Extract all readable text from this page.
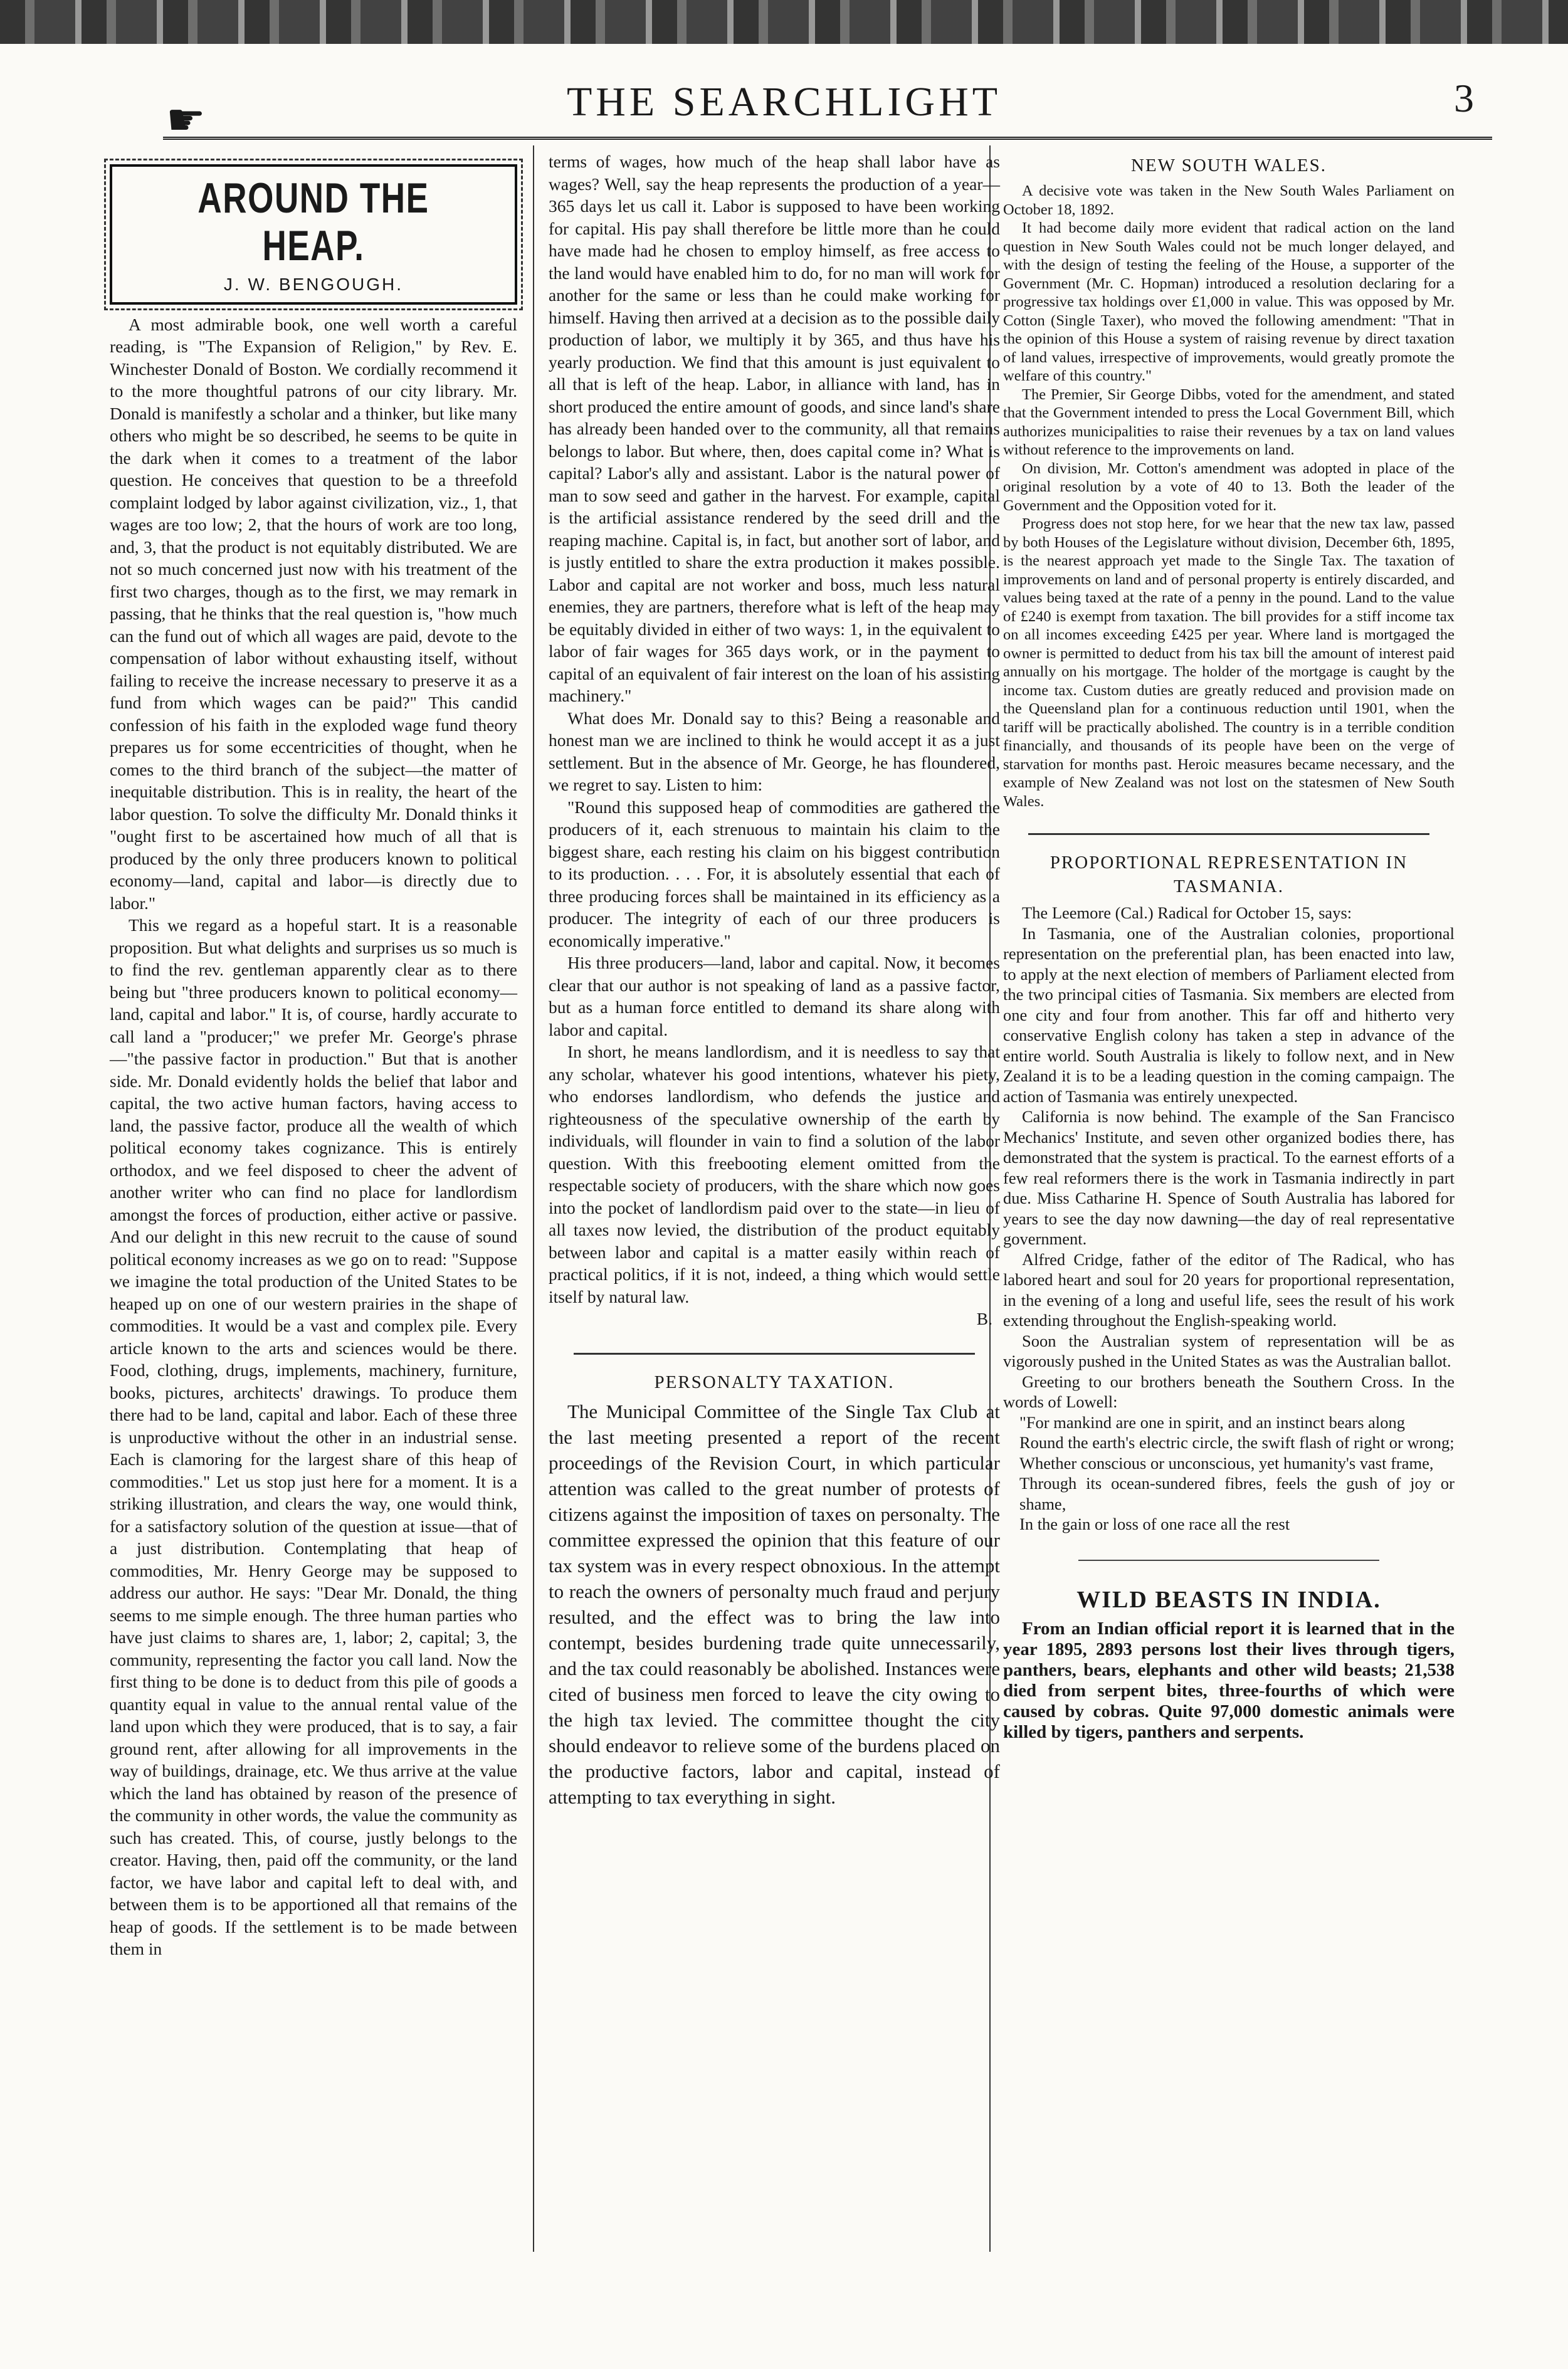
☛	THE SEARCHLIGHT	3
AROUND THE HEAP.
J. W. BENGOUGH.

A most admirable book, one well worth a careful reading, is "The Expansion of Religion," by Rev. E. Winchester Donald of Boston. We cordially recommend it to the more thoughtful patrons of our city library. Mr. Donald is manifestly a scholar and a thinker, but like many others who might be so described, he seems to be quite in the dark when it comes to a treatment of the labor question. He conceives that question to be a threefold complaint lodged by labor against civilization, viz., 1, that wages are too low; 2, that the hours of work are too long, and, 3, that the product is not equitably distributed. We are not so much concerned just now with his treatment of the first two charges, though as to the first, we may remark in passing, that he thinks that the real question is, "how much can the fund out of which all wages are paid, devote to the compensation of labor without exhausting itself, without failing to receive the increase necessary to preserve it as a fund from which wages can be paid?" This candid confession of his faith in the exploded wage fund theory prepares us for some eccentricities of thought, when he comes to the third branch of the subject—the matter of inequitable distribution. This is in reality, the heart of the labor question. To solve the difficulty Mr. Donald thinks it "ought first to be ascertained how much of all that is produced by the only three producers known to political economy—land, capital and labor—is directly due to labor."

This we regard as a hopeful start. It is a reasonable proposition. But what delights and surprises us so much is to find the rev. gentleman apparently clear as to there being but "three producers known to political economy—land, capital and labor." It is, of course, hardly accurate to call land a "producer;" we prefer Mr. George's phrase—"the passive factor in production." But that is another side. Mr. Donald evidently holds the belief that labor and capital, the two active human factors, having access to land, the passive factor, produce all the wealth of which political economy takes cognizance. This is entirely orthodox, and we feel disposed to cheer the advent of another writer who can find no place for landlordism amongst the forces of production, either active or passive. And our delight in this new recruit to the cause of sound political economy increases as we go on to read: "Suppose we imagine the total production of the United States to be heaped up on one of our western prairies in the shape of commodities. It would be a vast and complex pile. Every article known to the arts and sciences would be there. Food, clothing, drugs, implements, machinery, furniture, books, pictures, architects' drawings. To produce them there had to be land, capital and labor. Each of these three is unproductive without the other in an industrial sense. Each is clamoring for the largest share of this heap of commodities." Let us stop just here for a moment. It is a striking illustration, and clears the way, one would think, for a satisfactory solution of the question at issue—that of a just distribution. Contemplating that heap of commodities, Mr. Henry George may be supposed to address our author. He says: "Dear Mr. Donald, the thing seems to me simple enough. The three human parties who have just claims to shares are, 1, labor; 2, capital; 3, the community, representing the factor you call land. Now the first thing to be done is to deduct from this pile of goods a quantity equal in value to the annual rental value of the land upon which they were produced, that is to say, a fair ground rent, after allowing for all improvements in the way of buildings, drainage, etc. We thus arrive at the value which the land has obtained by reason of the presence of the community in other words, the value the community as such has created. This, of course, justly belongs to the creator. Having, then, paid off the community, or the land factor, we have labor and capital left to deal with, and between them is to be apportioned all that remains of the heap of goods. If the settlement is to be made between them in

terms of wages, how much of the heap shall labor have as wages? Well, say the heap represents the production of a year—365 days let us call it. Labor is supposed to have been working for capital. His pay shall therefore be little more than he could have made had he chosen to employ himself, as free access to the land would have enabled him to do, for no man will work for another for the same or less than he could make working for himself. Having then arrived at a decision as to the possible daily production of labor, we multiply it by 365, and thus have his yearly production. We find that this amount is just equivalent to all that is left of the heap. Labor, in alliance with land, has in short produced the entire amount of goods, and since land's share has already been handed over to the community, all that remains belongs to labor. But where, then, does capital come in? What is capital? Labor's ally and assistant. Labor is the natural power of man to sow seed and gather in the harvest. For example, capital is the artificial assistance rendered by the seed drill and the reaping machine. Capital is, in fact, but another sort of labor, and is justly entitled to share the extra production it makes possible. Labor and capital are not worker and boss, much less natural enemies, they are partners, therefore what is left of the heap may be equitably divided in either of two ways: 1, in the equivalent to labor of fair wages for 365 days work, or in the payment to capital of an equivalent of fair interest on the loan of his assisting machinery."

What does Mr. Donald say to this? Being a reasonable and honest man we are inclined to think he would accept it as a just settlement. But in the absence of Mr. George, he has floundered, we regret to say. Listen to him:

"Round this supposed heap of commodities are gathered the producers of it, each strenuous to maintain his claim to the biggest share, each resting his claim on his biggest contribution to its production. . . . For, it is absolutely essential that each of three producing forces shall be maintained in its efficiency as a producer. The integrity of each of our three producers is economically imperative."

His three producers—land, labor and capital. Now, it becomes clear that our author is not speaking of land as a passive factor, but as a human force entitled to demand its share along with labor and capital.

In short, he means landlordism, and it is needless to say that any scholar, whatever his good intentions, whatever his piety, who endorses landlordism, who defends the justice and righteousness of the speculative ownership of the earth by individuals, will flounder in vain to find a solution of the labor question. With this freebooting element omitted from the respectable society of producers, with the share which now goes into the pocket of landlordism paid over to the state—in lieu of all taxes now levied, the distribution of the product equitably between labor and capital is a matter easily within reach of practical politics, if it is not, indeed, a thing which would settle itself by natural law.

B.
PERSONALTY TAXATION.

The Municipal Committee of the Single Tax Club at the last meeting presented a report of the recent proceedings of the Revision Court, in which particular attention was called to the great number of protests of citizens against the imposition of taxes on personalty. The committee expressed the opinion that this feature of our tax system was in every respect obnoxious. In the attempt to reach the owners of personalty much fraud and perjury resulted, and the effect was to bring the law into contempt, besides burdening trade quite unnecessarily, and the tax could reasonably be abolished. Instances were cited of business men forced to leave the city owing to the high tax levied. The committee thought the city should endeavor to relieve some of the burdens placed on the productive factors, labor and capital, instead of attempting to tax everything in sight.

NEW SOUTH WALES.

A decisive vote was taken in the New South Wales Parliament on October 18, 1892.

It had become daily more evident that radical action on the land question in New South Wales could not be much longer delayed, and with the design of testing the feeling of the House, a supporter of the Government (Mr. C. Hopman) introduced a resolution declaring for a progressive tax holdings over £1,000 in value. This was opposed by Mr. Cotton (Single Taxer), who moved the following amendment: "That in the opinion of this House a system of raising revenue by direct taxation of land values, irrespective of improvements, would greatly promote the welfare of this country."

The Premier, Sir George Dibbs, voted for the amendment, and stated that the Government intended to press the Local Government Bill, which authorizes municipalities to raise their revenues by a tax on land values without reference to the improvements on land.

On division, Mr. Cotton's amendment was adopted in place of the original resolution by a vote of 40 to 13. Both the leader of the Government and the Opposition voted for it.

Progress does not stop here, for we hear that the new tax law, passed by both Houses of the Legislature without division, December 6th, 1895, is the nearest approach yet made to the Single Tax. The taxation of improvements on land and of personal property is entirely discarded, and values being taxed at the rate of a penny in the pound. Land to the value of £240 is exempt from taxation. The bill provides for a stiff income tax on all incomes exceeding £425 per year. Where land is mortgaged the owner is permitted to deduct from his tax bill the amount of interest paid annually on his mortgage. The holder of the mortgage is caught by the income tax. Custom duties are greatly reduced and provision made on the Queensland plan for a continuous reduction until 1901, when the tariff will be practically abolished. The country is in a terrible condition financially, and thousands of its people have been on the verge of starvation for months past. Heroic measures became necessary, and the example of New Zealand was not lost on the statesmen of New South Wales.

PROPORTIONAL REPRESENTATION IN
TASMANIA.

The Leemore (Cal.) Radical for October 15, says:

In Tasmania, one of the Australian colonies, proportional representation on the preferential plan, has been enacted into law, to apply at the next election of members of Parliament elected from the two principal cities of Tasmania. Six members are elected from one city and four from another. This far off and hitherto very conservative English colony has taken a step in advance of the entire world. South Australia is likely to follow next, and in New Zealand it is to be a leading question in the coming campaign. The action of Tasmania was entirely unexpected.

California is now behind. The example of the San Francisco Mechanics' Institute, and seven other organized bodies there, has demonstrated that the system is practical. To the earnest efforts of a few real reformers there is the work in Tasmania indirectly in part due. Miss Catharine H. Spence of South Australia has labored for years to see the day now dawning—the day of real representative government.

Alfred Cridge, father of the editor of The Radical, who has labored heart and soul for 20 years for proportional representation, in the evening of a long and useful life, sees the result of his work extending throughout the English-speaking world.

Soon the Australian system of representation will be as vigorously pushed in the United States as was the Australian ballot.

Greeting to our brothers beneath the Southern Cross. In the words of Lowell:

"For mankind are one in spirit, and an instinct bears along

Round the earth's electric circle, the swift flash of right or wrong;

Whether conscious or unconscious, yet humanity's vast frame,

Through its ocean-sundered fibres, feels the gush of joy or shame,

In the gain or loss of one race all the rest

WILD BEASTS IN INDIA.

From an Indian official report it is learned that in the year 1895, 2893 persons lost their lives through tigers, panthers, bears, elephants and other wild beasts; 21,538 died from serpent bites, three-fourths of which were caused by cobras. Quite 97,000 domestic animals were killed by tigers, panthers and serpents.
